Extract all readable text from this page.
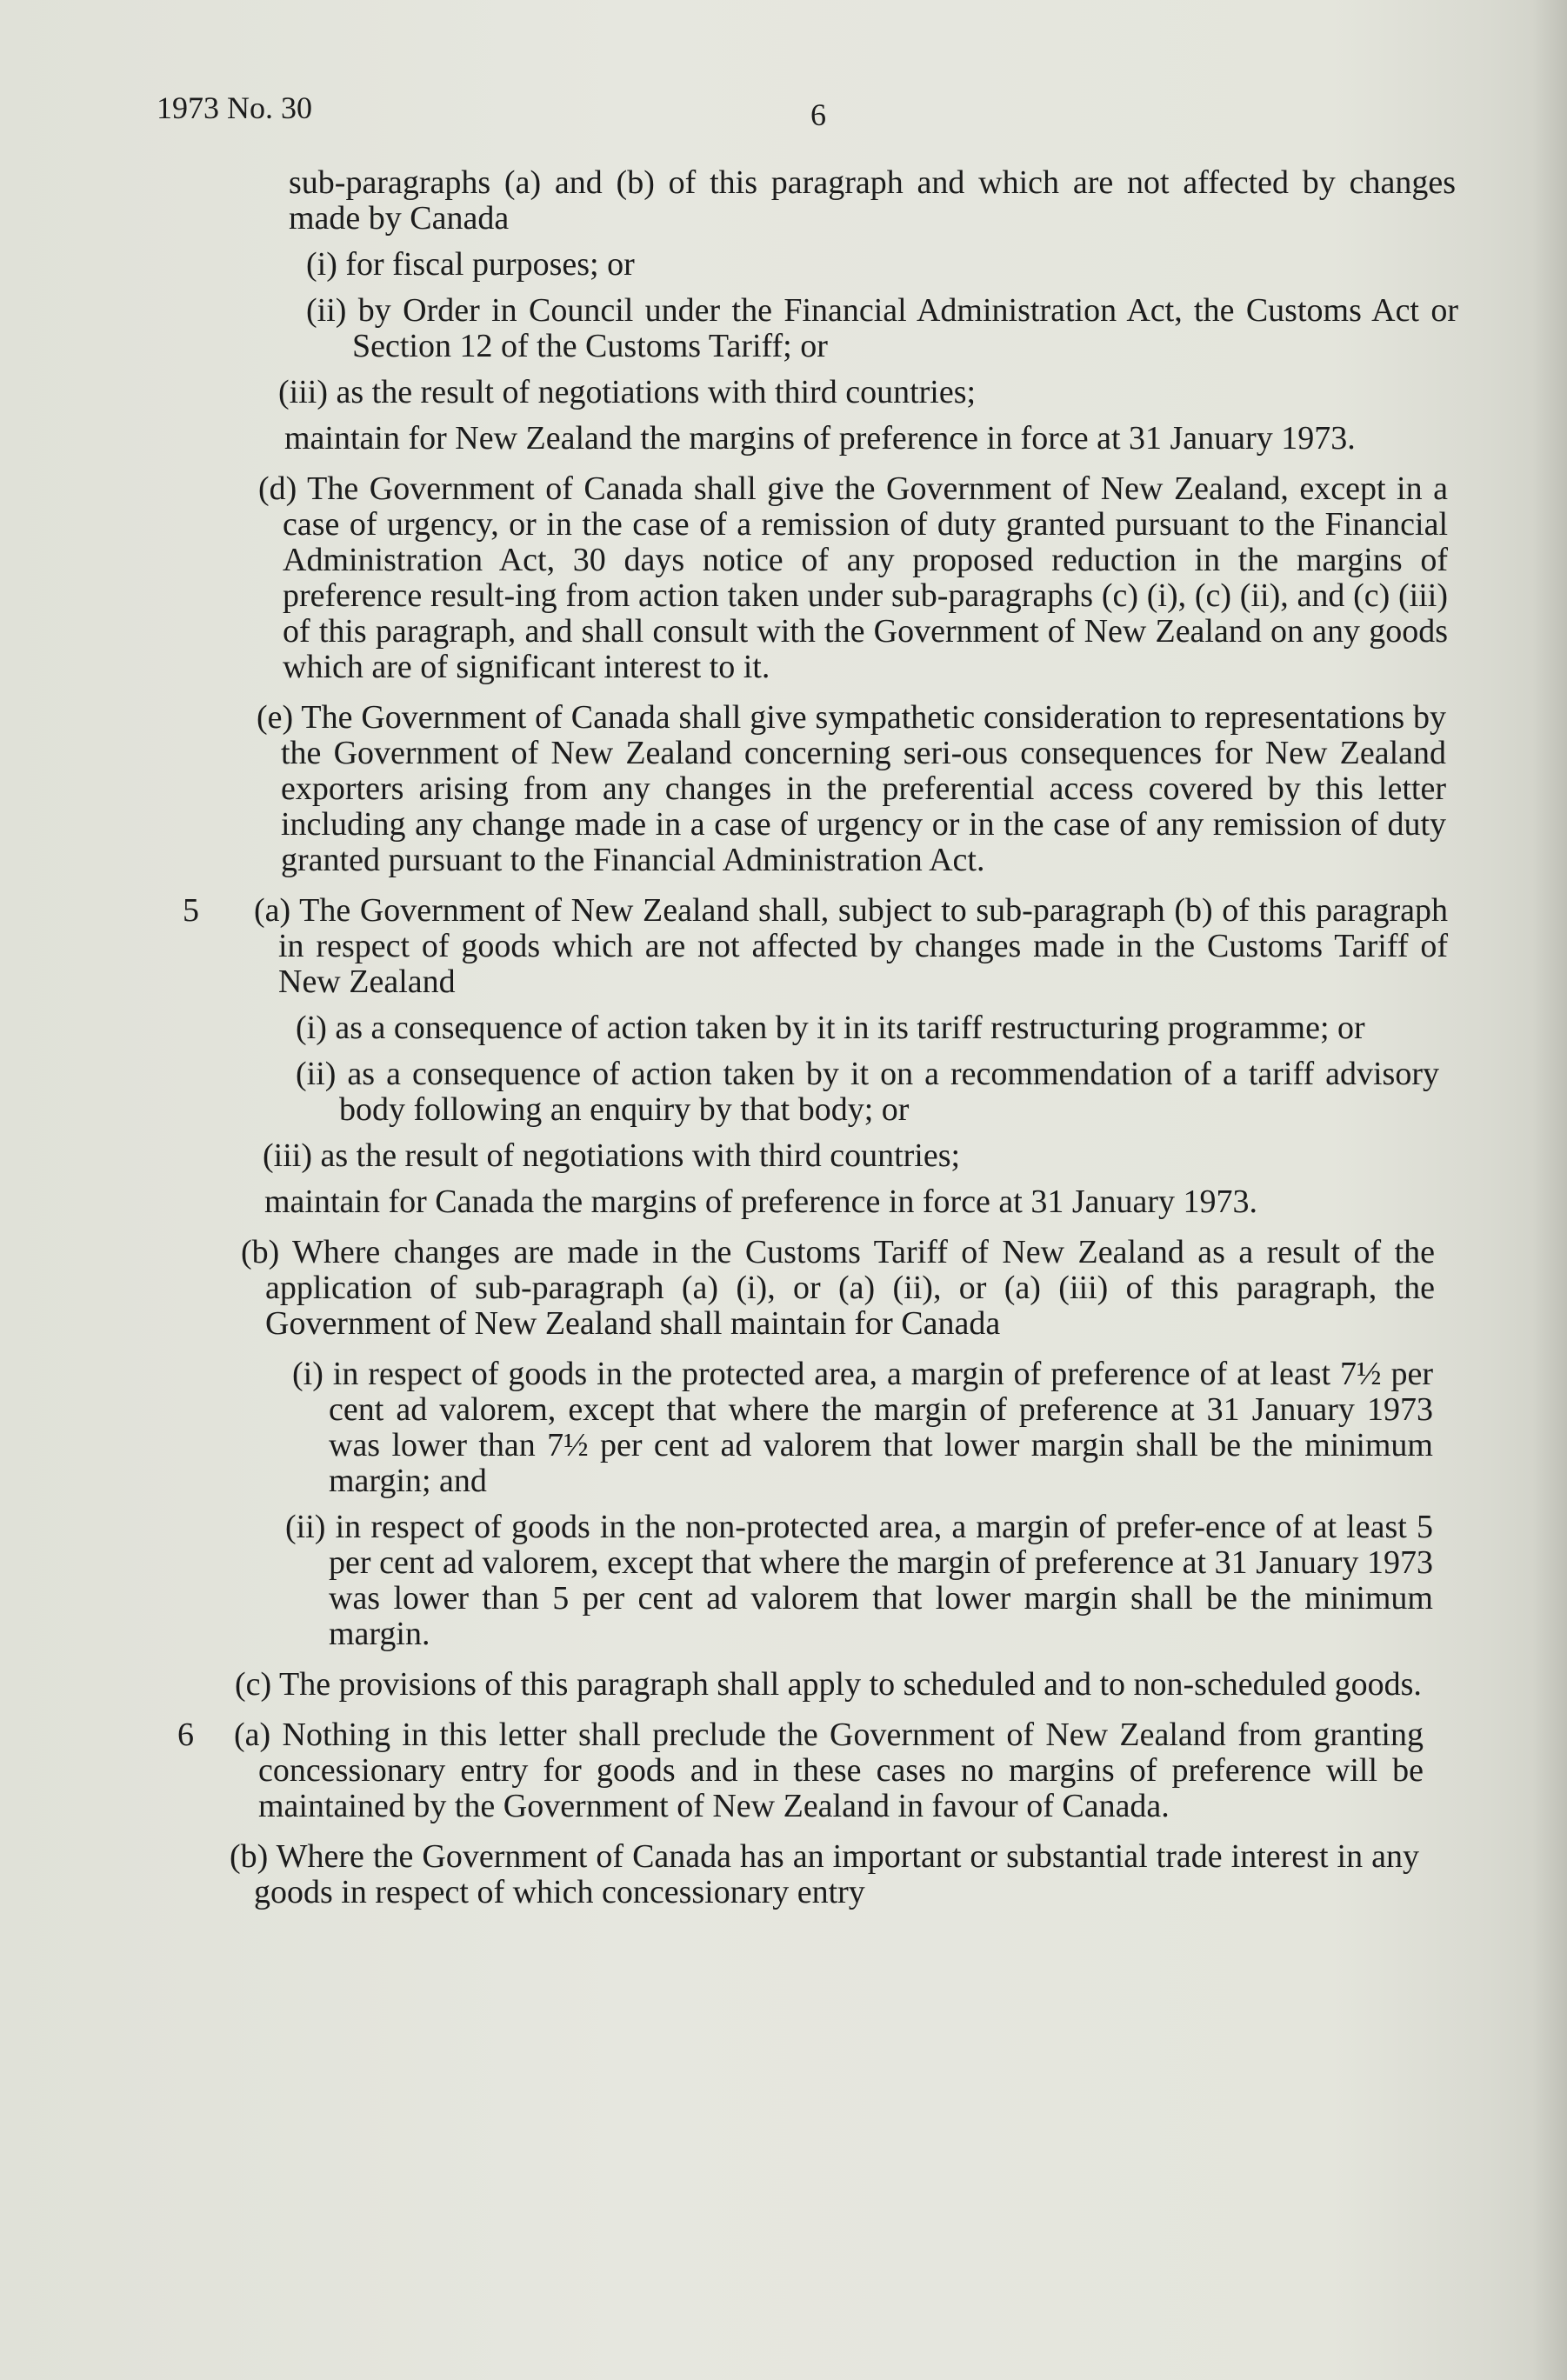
1973 No. 30	6

sub-paragraphs (a) and (b) of this paragraph and which are not affected by changes made by Canada

(i) for fiscal purposes; or

(ii) by Order in Council under the Financial Administration Act, the Customs Act or Section 12 of the Customs Tariff; or

(iii) as the result of negotiations with third countries;

maintain for New Zealand the margins of preference in force at 31 January 1973.

(d) The Government of Canada shall give the Government of New Zealand, except in a case of urgency, or in the case of a remission of duty granted pursuant to the Financial Administration Act, 30 days notice of any proposed reduction in the margins of preference result-ing from action taken under sub-paragraphs (c) (i), (c) (ii), and (c) (iii) of this paragraph, and shall consult with the Government of New Zealand on any goods which are of significant interest to it.

(e) The Government of Canada shall give sympathetic consideration to representations by the Government of New Zealand concerning seri-ous consequences for New Zealand exporters arising from any changes in the preferential access covered by this letter including any change made in a case of urgency or in the case of any remission of duty granted pursuant to the Financial Administration Act.

5 (a) The Government of New Zealand shall, subject to sub-paragraph (b) of this paragraph in respect of goods which are not affected by changes made in the Customs Tariff of New Zealand

(i) as a consequence of action taken by it in its tariff restructuring programme; or

(ii) as a consequence of action taken by it on a recommendation of a tariff advisory body following an enquiry by that body; or

(iii) as the result of negotiations with third countries;

maintain for Canada the margins of preference in force at 31 January 1973.

(b) Where changes are made in the Customs Tariff of New Zealand as a result of the application of sub-paragraph (a) (i), or (a) (ii), or (a) (iii) of this paragraph, the Government of New Zealand shall maintain for Canada

(i) in respect of goods in the protected area, a margin of preference of at least 7½ per cent ad valorem, except that where the margin of preference at 31 January 1973 was lower than 7½ per cent ad valorem that lower margin shall be the minimum margin; and

(ii) in respect of goods in the non-protected area, a margin of prefer-ence of at least 5 per cent ad valorem, except that where the margin of preference at 31 January 1973 was lower than 5 per cent ad valorem that lower margin shall be the minimum margin.

(c) The provisions of this paragraph shall apply to scheduled and to non-scheduled goods.

6 (a) Nothing in this letter shall preclude the Government of New Zealand from granting concessionary entry for goods and in these cases no margins of preference will be maintained by the Government of New Zealand in favour of Canada.

(b) Where the Government of Canada has an important or substantial trade interest in any goods in respect of which concessionary entry
